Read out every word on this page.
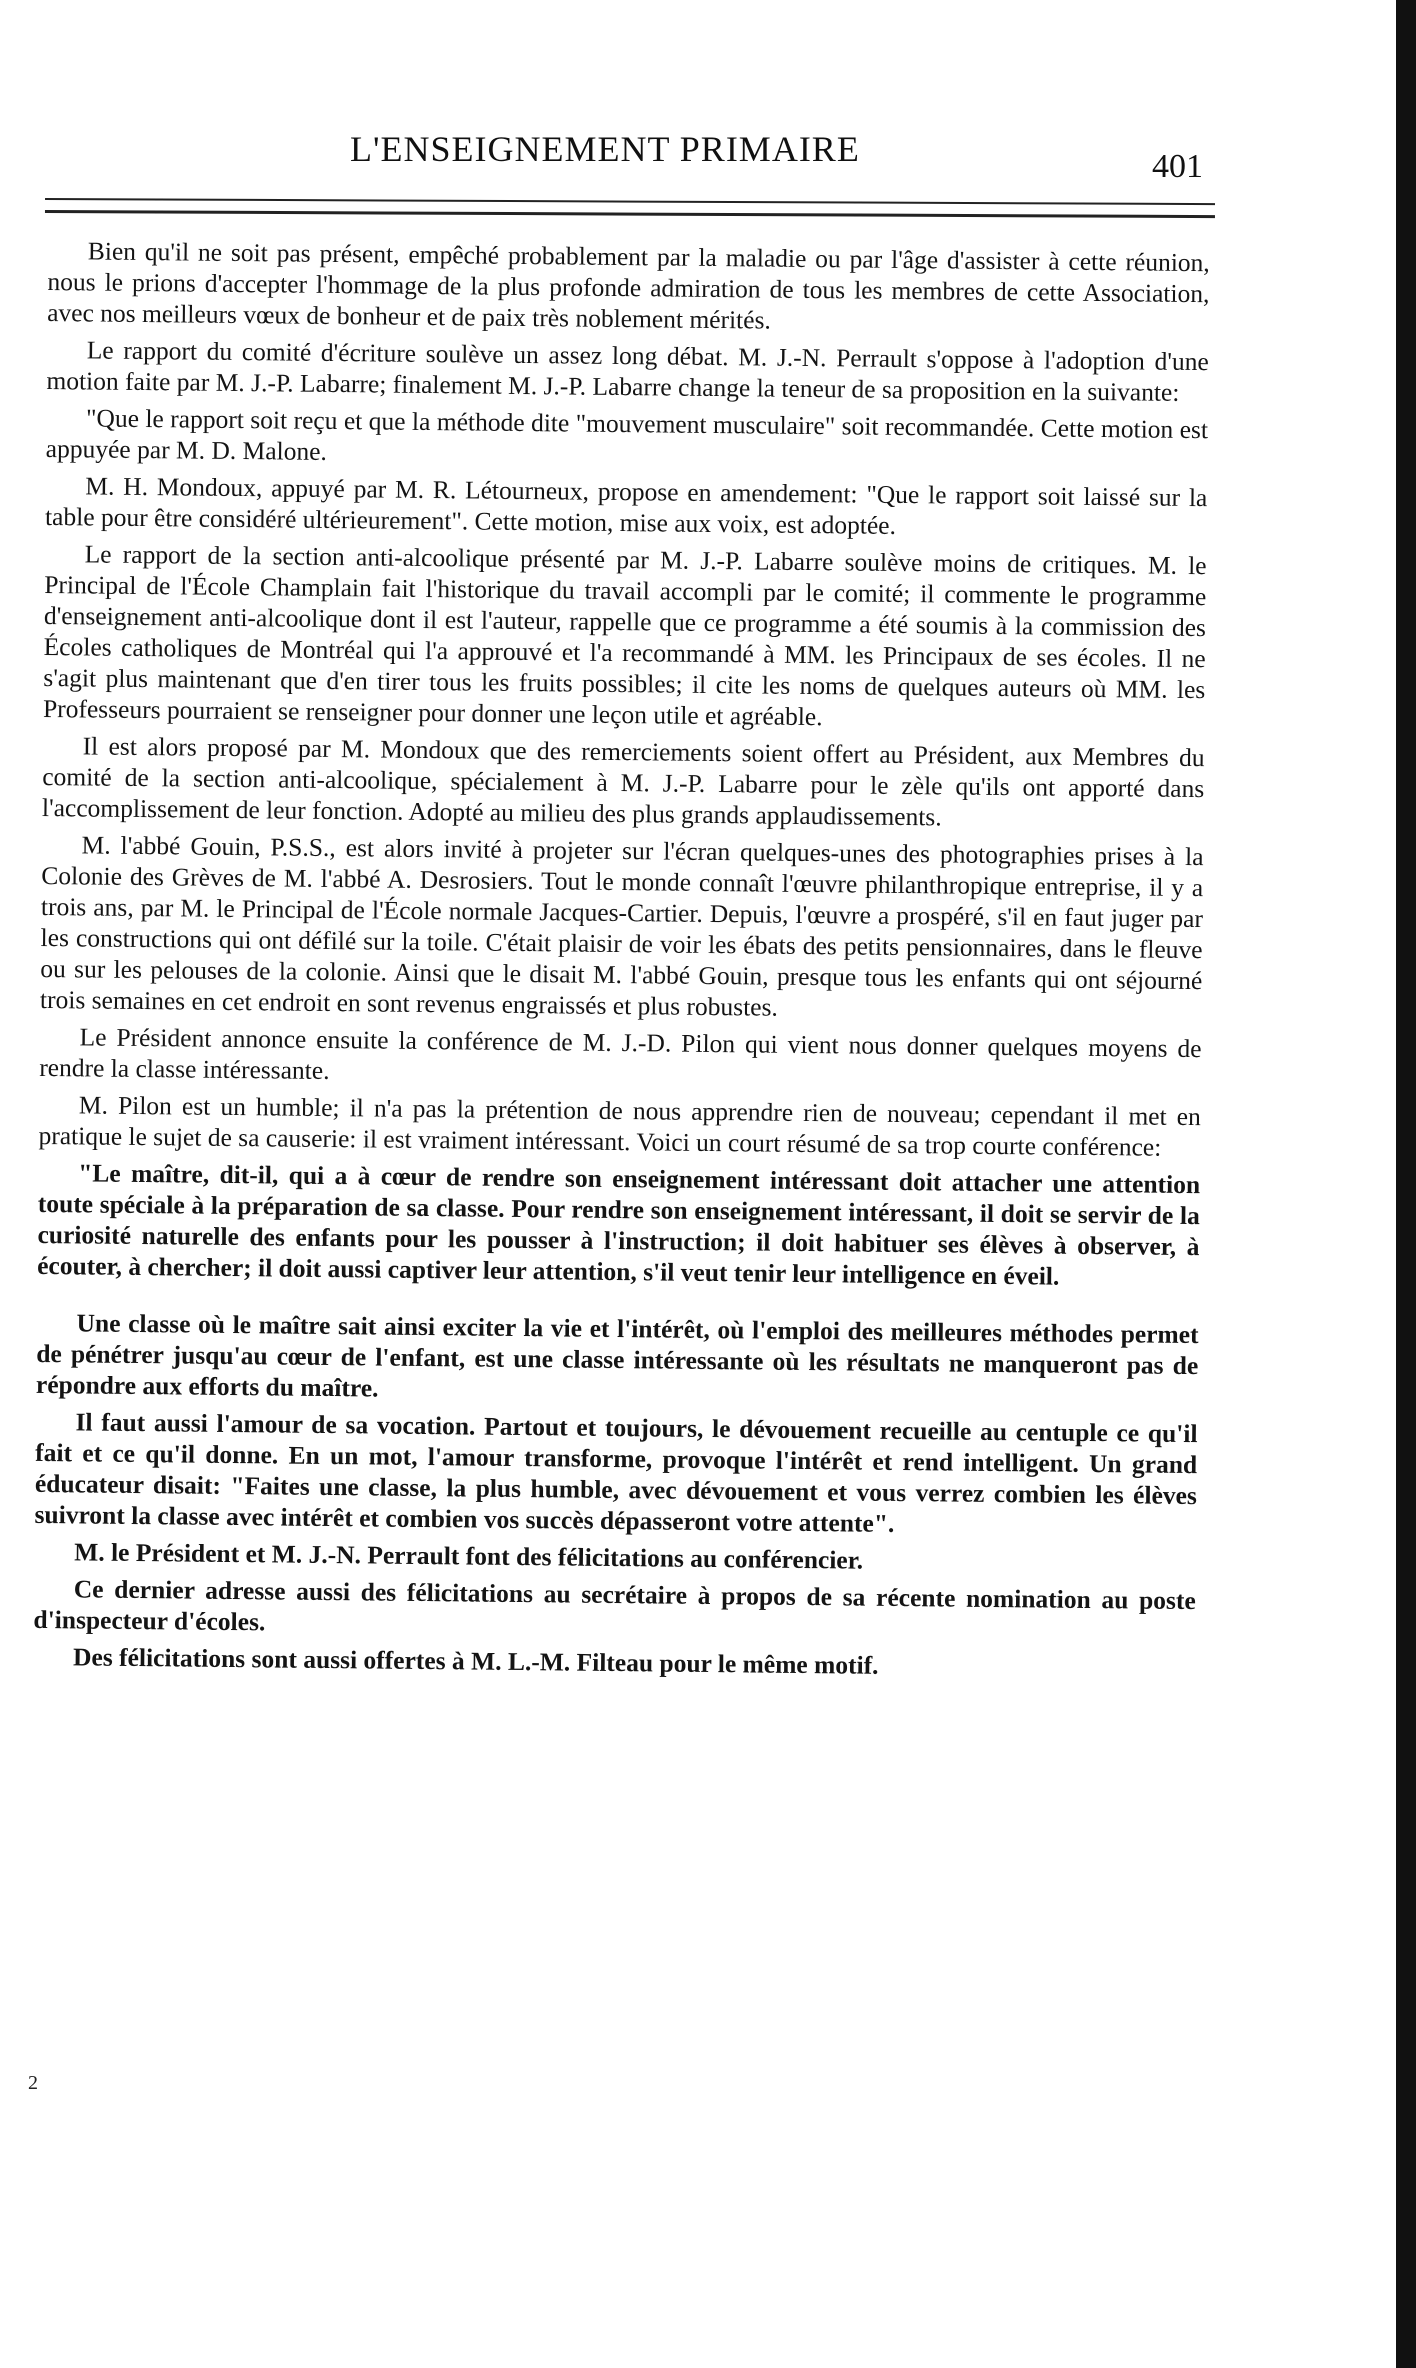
L'ENSEIGNEMENT PRIMAIRE	401

Bien qu'il ne soit pas présent, empêché probablement par la maladie ou par l'âge d'assister à cette réunion, nous le prions d'accepter l'hommage de la plus profonde admiration de tous les membres de cette Association, avec nos meilleurs vœux de bonheur et de paix très noblement mérités.

Le rapport du comité d'écriture soulève un assez long débat. M. J.-N. Perrault s'oppose à l'adoption d'une motion faite par M. J.-P. Labarre; finalement M. J.-P. Labarre change la teneur de sa proposition en la suivante:

"Que le rapport soit reçu et que la méthode dite "mouvement musculaire" soit recommandée. Cette motion est appuyée par M. D. Malone.

M. H. Mondoux, appuyé par M. R. Létourneux, propose en amendement: "Que le rapport soit laissé sur la table pour être considéré ultérieurement". Cette motion, mise aux voix, est adoptée.

Le rapport de la section anti-alcoolique présenté par M. J.-P. Labarre soulève moins de critiques. M. le Principal de l'École Champlain fait l'historique du travail accompli par le comité; il commente le programme d'enseignement anti-alcoolique dont il est l'auteur, rappelle que ce programme a été soumis à la commission des Écoles catholiques de Montréal qui l'a approuvé et l'a recommandé à MM. les Principaux de ses écoles. Il ne s'agit plus maintenant que d'en tirer tous les fruits possibles; il cite les noms de quelques auteurs où MM. les Professeurs pourraient se renseigner pour donner une leçon utile et agréable.

Il est alors proposé par M. Mondoux que des remerciements soient offert au Président, aux Membres du comité de la section anti-alcoolique, spécialement à M. J.-P. Labarre pour le zèle qu'ils ont apporté dans l'accomplissement de leur fonction. Adopté au milieu des plus grands applaudissements.

M. l'abbé Gouin, P.S.S., est alors invité à projeter sur l'écran quelques-unes des photographies prises à la Colonie des Grèves de M. l'abbé A. Desrosiers. Tout le monde connaît l'œuvre philanthropique entreprise, il y a trois ans, par M. le Principal de l'École normale Jacques-Cartier. Depuis, l'œuvre a prospéré, s'il en faut juger par les constructions qui ont défilé sur la toile. C'était plaisir de voir les ébats des petits pensionnaires, dans le fleuve ou sur les pelouses de la colonie. Ainsi que le disait M. l'abbé Gouin, presque tous les enfants qui ont séjourné trois semaines en cet endroit en sont revenus engraissés et plus robustes.

Le Président annonce ensuite la conférence de M. J.-D. Pilon qui vient nous donner quelques moyens de rendre la classe intéressante.

M. Pilon est un humble; il n'a pas la prétention de nous apprendre rien de nouveau; cependant il met en pratique le sujet de sa causerie: il est vraiment intéressant. Voici un court résumé de sa trop courte conférence:

"Le maître, dit-il, qui a à cœur de rendre son enseignement intéressant doit attacher une attention toute spéciale à la préparation de sa classe. Pour rendre son enseignement intéressant, il doit se servir de la curiosité naturelle des enfants pour les pousser à l'instruction; il doit habituer ses élèves à observer, à écouter, à chercher; il doit aussi captiver leur attention, s'il veut tenir leur intelligence en éveil.

Une classe où le maître sait ainsi exciter la vie et l'intérêt, où l'emploi des meilleures méthodes permet de pénétrer jusqu'au cœur de l'enfant, est une classe intéressante où les résultats ne manqueront pas de répondre aux efforts du maître.

Il faut aussi l'amour de sa vocation. Partout et toujours, le dévouement recueille au centuple ce qu'il fait et ce qu'il donne. En un mot, l'amour transforme, provoque l'intérêt et rend intelligent. Un grand éducateur disait: "Faites une classe, la plus humble, avec dévouement et vous verrez combien les élèves suivront la classe avec intérêt et combien vos succès dépasseront votre attente".

M. le Président et M. J.-N. Perrault font des félicitations au conférencier.

Ce dernier adresse aussi des félicitations au secrétaire à propos de sa récente nomination au poste d'inspecteur d'écoles.

Des félicitations sont aussi offertes à M. L.-M. Filteau pour le même motif.

2
